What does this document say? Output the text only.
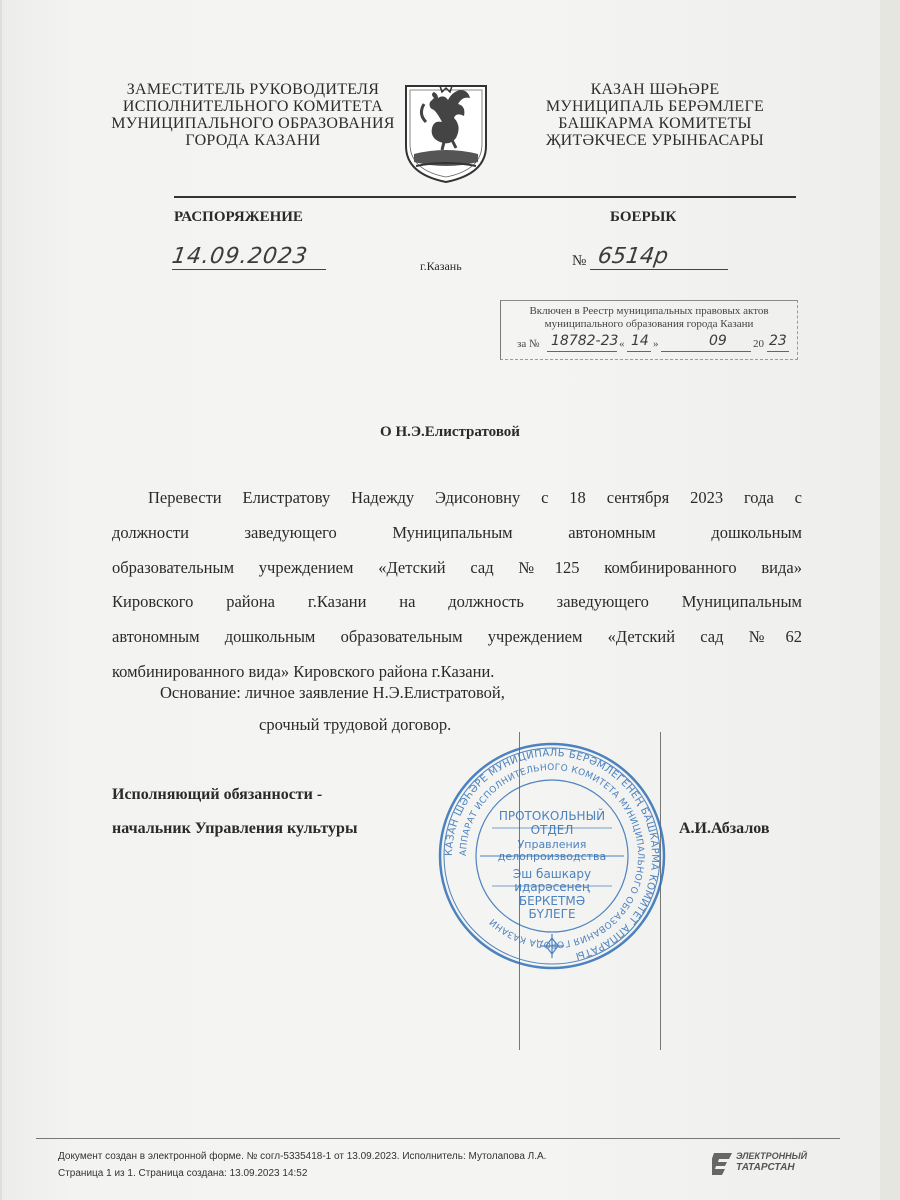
ЗАМЕСТИТЕЛЬ РУКОВОДИТЕЛЯ
ИСПОЛНИТЕЛЬНОГО КОМИТЕТА
МУНИЦИПАЛЬНОГО ОБРАЗОВАНИЯ
ГОРОДА КАЗАНИ
КАЗАН ШӘҺӘРЕ
МУНИЦИПАЛЬ БЕРӘМЛЕГЕ
БАШКАРМА КОМИТЕТЫ
ҖИТӘКЧЕСЕ УРЫНБАСАРЫ
РАСПОРЯЖЕНИЕ	БОЕРЫК
14.09.2023	г.Казань	№ 6514р
Включен в Реестр муниципальных правовых актов
муниципального образования города Казани
за № 18782-23 « 14 »	09 20 23
О Н.Э.Елистратовой
Перевести Елистратову Надежду Эдисоновну с 18 сентября 2023 года с
должности заведующего Муниципальным автономным дошкольным
образовательным учреждением «Детский сад №125 комбинированного вида»
Кировского района г.Казани на должность заведующего Муниципальным
автономным дошкольным образовательным учреждением «Детский сад №62
комбинированного вида» Кировского района г.Казани.
Основание: личное заявление Н.Э.Елистратовой,
срочный трудовой договор.
Исполняющий обязанности -
начальник Управления культуры	А.И.Абзалов
КАЗАН ШӘҺӘРЕ МУНИЦИПАЛЬ БЕРӘМЛЕГЕНЕҢ БАШКАРМА КОМИТЕТ АППАРАТЫ
АППАРАТ ИСПОЛНИТЕЛЬНОГО КОМИТЕТА МУНИЦИПАЛЬНОГО ОБРАЗОВАНИЯ ГОРОДА КАЗАНИ
ПРОТОКОЛЬНЫЙ
ОТДЕЛ
Управления
делопроизводства
Эш башкару
идарәсенең
БЕРКЕТМӘ
БҮЛЕГЕ
Документ создан в электронной форме. № согл-5335418-1 от 13.09.2023. Исполнитель: Мутолапова Л.А.
Страница 1 из 1. Страница создана: 13.09.2023 14:52
ЭЛЕКТРОННЫЙ
ТАТАРСТАН
